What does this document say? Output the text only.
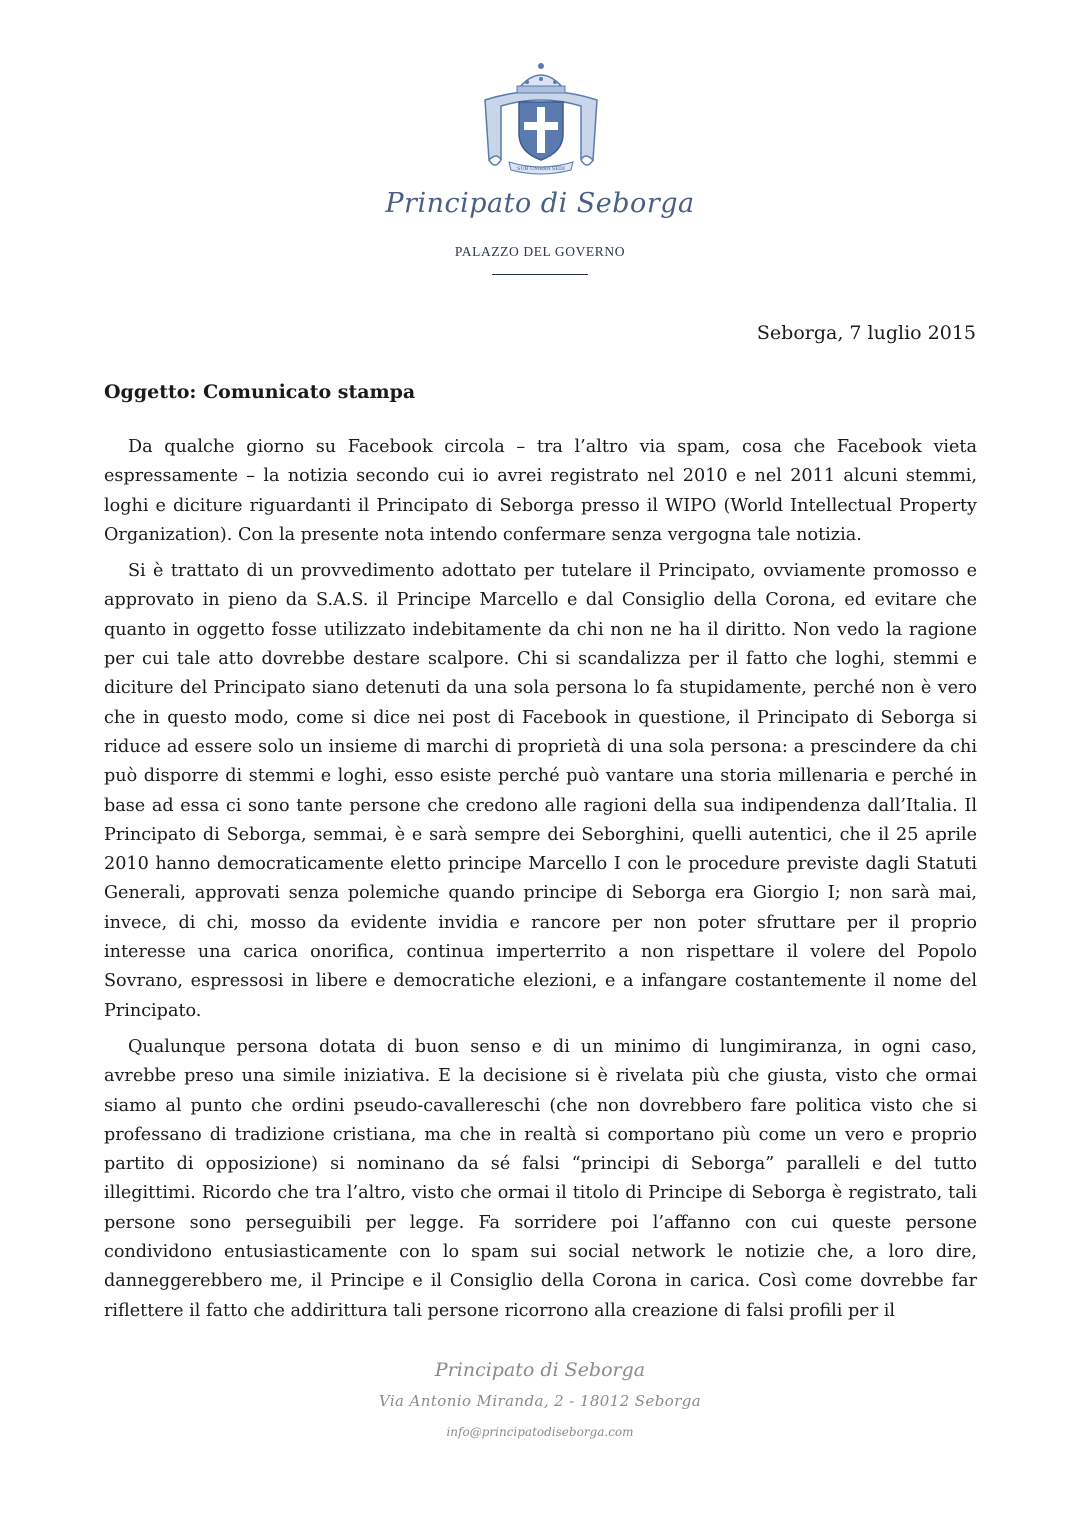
SUB UMBRA SEDI
Principato di Seborga
PALAZZO DEL GOVERNO
Seborga, 7 luglio 2015
Oggetto: Comunicato stampa

Da qualche giorno su Facebook circola – tra l’altro via spam, cosa che Facebook vieta espressamente – la notizia secondo cui io avrei registrato nel 2010 e nel 2011 alcuni stemmi, loghi e diciture riguardanti il Principato di Seborga presso il WIPO (World Intellectual Property Organization). Con la presente nota intendo confermare senza vergogna tale notizia.

Si è trattato di un provvedimento adottato per tutelare il Principato, ovviamente promosso e approvato in pieno da S.A.S. il Principe Marcello e dal Consiglio della Corona, ed evitare che quanto in oggetto fosse utilizzato indebitamente da chi non ne ha il diritto. Non vedo la ragione per cui tale atto dovrebbe destare scalpore. Chi si scandalizza per il fatto che loghi, stemmi e diciture del Principato siano detenuti da una sola persona lo fa stupidamente, perché non è vero che in questo modo, come si dice nei post di Facebook in questione, il Principato di Seborga si riduce ad essere solo un insieme di marchi di proprietà di una sola persona: a prescindere da chi può disporre di stemmi e loghi, esso esiste perché può vantare una storia millenaria e perché in base ad essa ci sono tante persone che credono alle ragioni della sua indipendenza dall’Italia. Il Principato di Seborga, semmai, è e sarà sempre dei Seborghini, quelli autentici, che il 25 aprile 2010 hanno democraticamente eletto principe Marcello I con le procedure previste dagli Statuti Generali, approvati senza polemiche quando principe di Seborga era Giorgio I; non sarà mai, invece, di chi, mosso da evidente invidia e rancore per non poter sfruttare per il proprio interesse una carica onorifica, continua imperterrito a non rispettare il volere del Popolo Sovrano, espressosi in libere e democratiche elezioni, e a infangare costantemente il nome del Principato.

Qualunque persona dotata di buon senso e di un minimo di lungimiranza, in ogni caso, avrebbe preso una simile iniziativa. E la decisione si è rivelata più che giusta, visto che ormai siamo al punto che ordini pseudo-cavallereschi (che non dovrebbero fare politica visto che si professano di tradizione cristiana, ma che in realtà si comportano più come un vero e proprio partito di opposizione) si nominano da sé falsi “principi di Seborga” paralleli e del tutto illegittimi. Ricordo che tra l’altro, visto che ormai il titolo di Principe di Seborga è registrato, tali persone sono perseguibili per legge. Fa sorridere poi l’affanno con cui queste persone condividono entusiasticamente con lo spam sui social network le notizie che, a loro dire, danneggerebbero me, il Principe e il Consiglio della Corona in carica. Così come dovrebbe far riflettere il fatto che addirittura tali persone ricorrono alla creazione di falsi profili per il

Principato di Seborga
Via Antonio Miranda, 2 - 18012 Seborga
info@principatodiseborga.com
